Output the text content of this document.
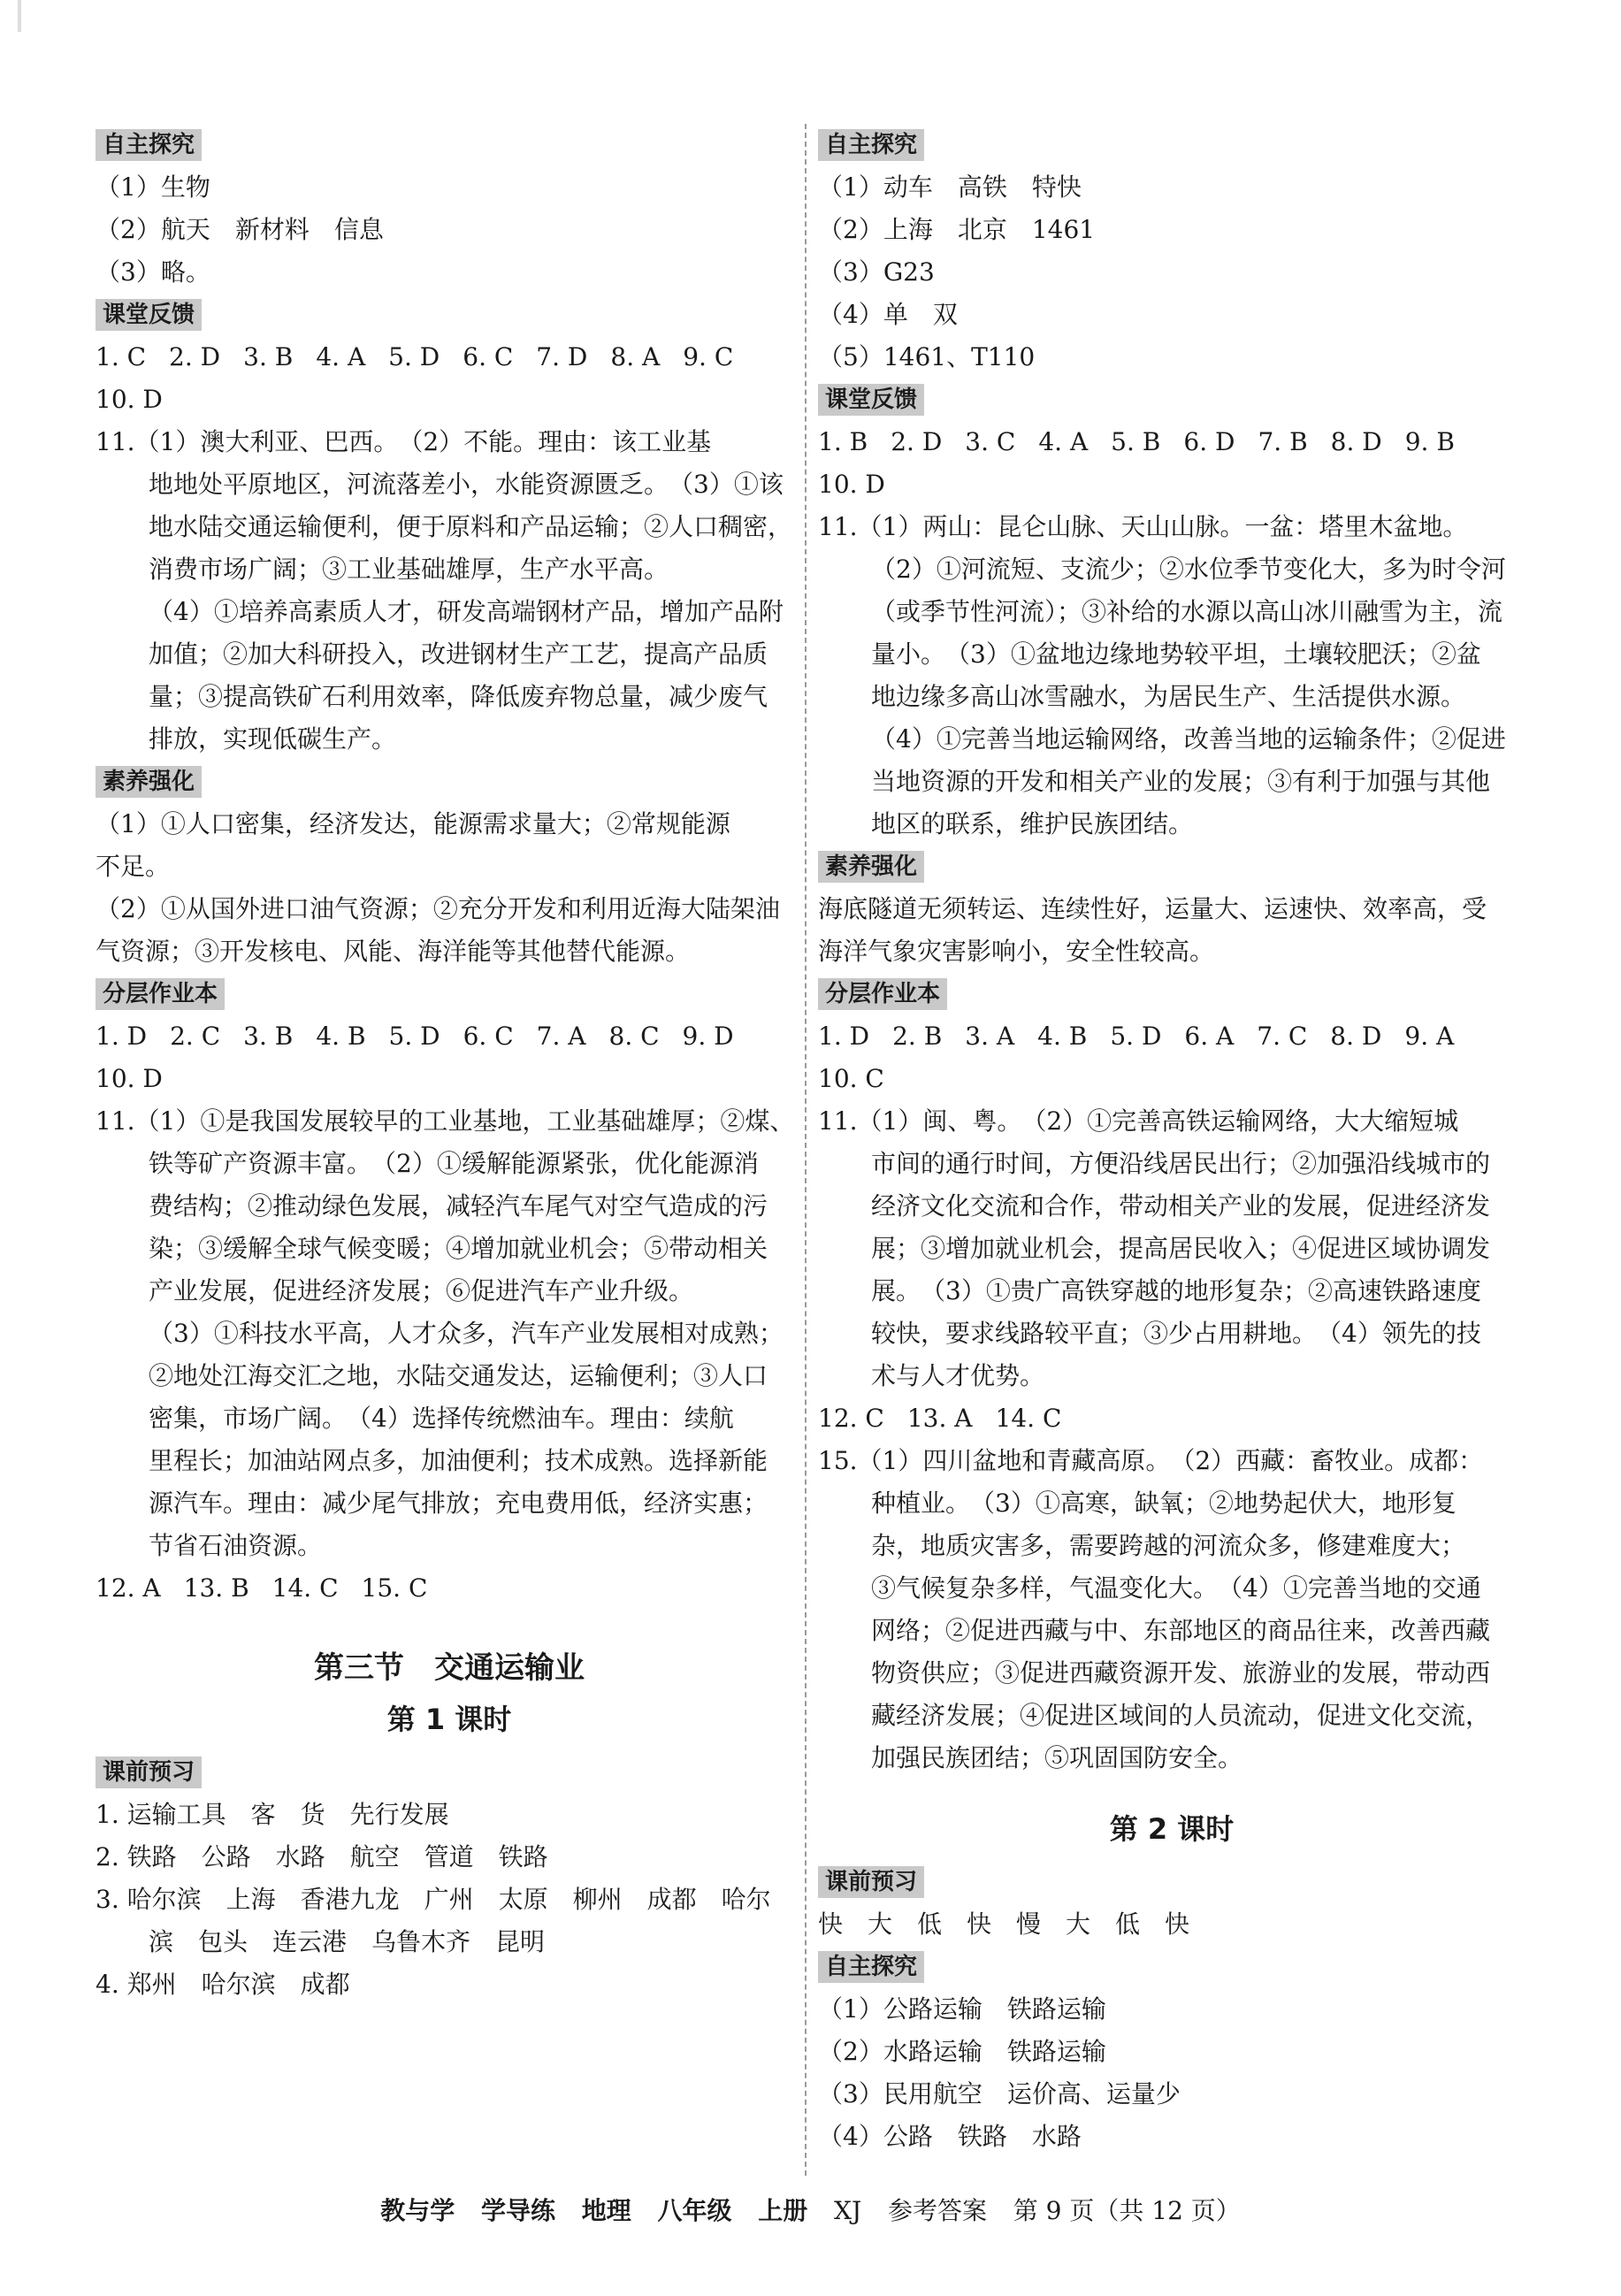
自主探究
（1）生物
（2）航天　新材料　信息
（3）略。
课堂反馈
1. C 2. D 3. B 4. A 5. D 6. C 7. D 8. A 9. C
10. D
11.（1）澳大利亚、巴西。　（2）不能。理由：该工业基
地地处平原地区，河流落差小，水能资源匮乏。　（3）①该
地水陆交通运输便利，便于原料和产品运输；②人口稠密，
消费市场广阔；③工业基础雄厚，生产水平高。
（4）①培养高素质人才，研发高端钢材产品，增加产品附
加值；②加大科研投入，改进钢材生产工艺，提高产品质
量；③提高铁矿石利用效率，降低废弃物总量，减少废气
排放，实现低碳生产。
素养强化
（1）①人口密集，经济发达，能源需求量大；②常规能源
不足。
（2）①从国外进口油气资源；②充分开发和利用近海大陆架油
气资源；③开发核电、风能、海洋能等其他替代能源。
分层作业本
1. D 2. C 3. B 4. B 5. D 6. C 7. A 8. C 9. D
10. D
11.（1）①是我国发展较早的工业基地，工业基础雄厚；②煤、
铁等矿产资源丰富。　（2）①缓解能源紧张，优化能源消
费结构；②推动绿色发展，减轻汽车尾气对空气造成的污
染；③缓解全球气候变暖；④增加就业机会；⑤带动相关
产业发展，促进经济发展；⑥促进汽车产业升级。
（3）①科技水平高，人才众多，汽车产业发展相对成熟；
②地处江海交汇之地，水陆交通发达，运输便利；③人口
密集，市场广阔。　（4）选择传统燃油车。理由：续航
里程长；加油站网点多，加油便利；技术成熟。选择新能
源汽车。理由：减少尾气排放；充电费用低，经济实惠；
节省石油资源。
12. A 13. B 14. C 15. C
第三节　交通运输业
第 1 课时
课前预习
1. 运输工具　客　货　先行发展
2. 铁路　公路　水路　航空　管道　铁路
3. 哈尔滨　上海　香港九龙　广州　太原　柳州　成都　哈尔
滨　包头　连云港　乌鲁木齐　昆明
4. 郑州　哈尔滨　成都
自主探究
（1）动车　高铁　特快
（2）上海　北京　1461
（3）G23
（4）单　双
（5）1461、T110
课堂反馈
1. B 2. D 3. C 4. A 5. B 6. D 7. B 8. D 9. B
10. D
11.（1）两山：昆仑山脉、天山山脉。一盆：塔里木盆地。
（2）①河流短、支流少；②水位季节变化大，多为时令河
（或季节性河流）；③补给的水源以高山冰川融雪为主，流
量小。　（3）①盆地边缘地势较平坦，土壤较肥沃；②盆
地边缘多高山冰雪融水，为居民生产、生活提供水源。
（4）①完善当地运输网络，改善当地的运输条件；②促进
当地资源的开发和相关产业的发展；③有利于加强与其他
地区的联系，维护民族团结。
素养强化
海底隧道无须转运、连续性好，运量大、运速快、效率高，受
海洋气象灾害影响小，安全性较高。
分层作业本
1. D 2. B 3. A 4. B 5. D 6. A 7. C 8. D 9. A
10. C
11.（1）闽、粤。　（2）①完善高铁运输网络，大大缩短城
市间的通行时间，方便沿线居民出行；②加强沿线城市的
经济文化交流和合作，带动相关产业的发展，促进经济发
展；③增加就业机会，提高居民收入；④促进区域协调发
展。　（3）①贵广高铁穿越的地形复杂；②高速铁路速度
较快，要求线路较平直；③少占用耕地。　（4）领先的技
术与人才优势。
12. C 13. A 14. C
15.（1）四川盆地和青藏高原。　（2）西藏：畜牧业。成都：
种植业。　（3）①高寒，缺氧；②地势起伏大，地形复
杂，地质灾害多，需要跨越的河流众多，修建难度大；
③气候复杂多样，气温变化大。　（4）①完善当地的交通
网络；②促进西藏与中、东部地区的商品往来，改善西藏
物资供应；③促进西藏资源开发、旅游业的发展，带动西
藏经济发展；④促进区域间的人员流动，促进文化交流，
加强民族团结；⑤巩固国防安全。
第 2 课时
课前预习
快　大　低　快　慢　大　低　快
自主探究
（1）公路运输　铁路运输
（2）水路运输　铁路运输
（3）民用航空　运价高、运量少
（4）公路　铁路　水路
教与学 学导练 地理 八年级 上册 XJ 参考答案 第 9 页（共 12 页）
